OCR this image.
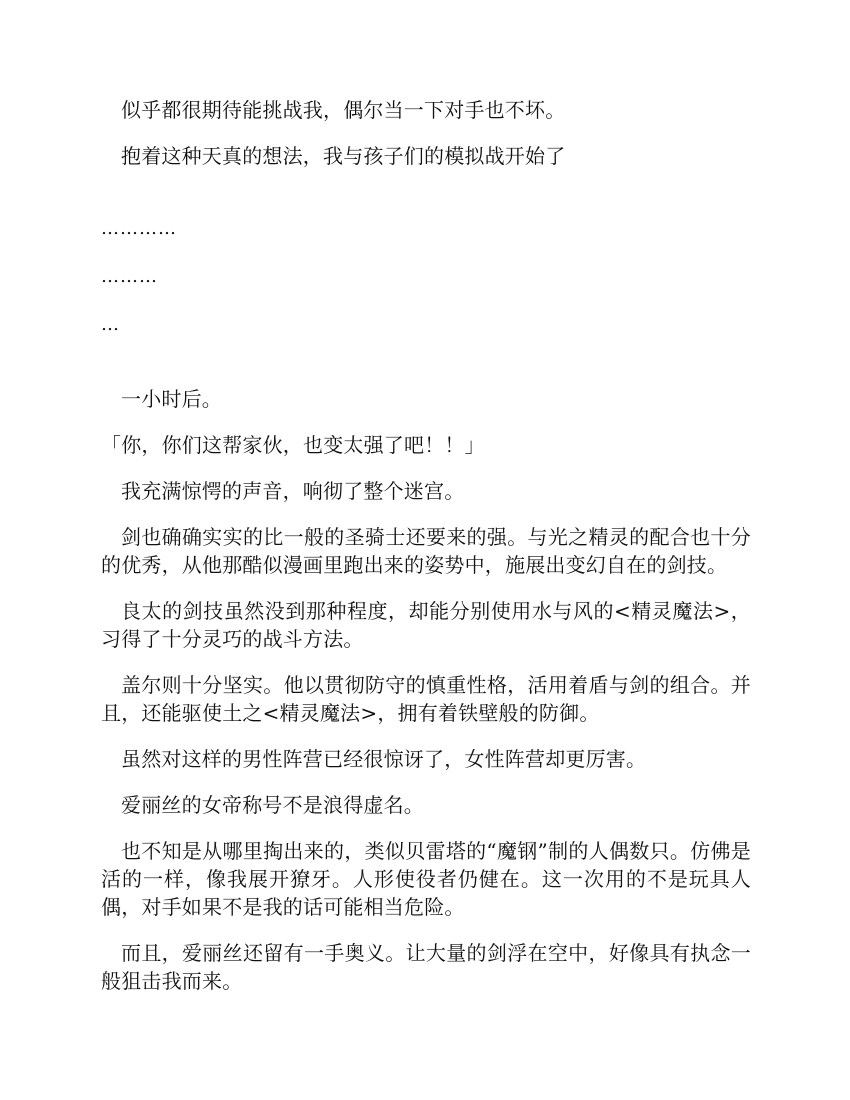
似乎都很期待能挑战我，偶尔当一下对手也不坏。

抱着这种天真的想法，我与孩子们的模拟战开始了

…………

………

…

一小时后。

「你，你们这帮家伙，也变太强了吧！！」

我充满惊愕的声音，响彻了整个迷宫。

剑也确确实实的比一般的圣骑士还要来的强。与光之精灵的配合也十分的优秀，从他那酷似漫画里跑出来的姿势中，施展出变幻自在的剑技。

良太的剑技虽然没到那种程度，却能分别使用水与风的<精灵魔法>，习得了十分灵巧的战斗方法。

盖尔则十分坚实。他以贯彻防守的慎重性格，活用着盾与剑的组合。并且，还能驱使土之<精灵魔法>，拥有着铁壁般的防御。

虽然对这样的男性阵营已经很惊讶了，女性阵营却更厉害。

爱丽丝的女帝称号不是浪得虚名。

也不知是从哪里掏出来的，类似贝雷塔的“魔钢”制的人偶数只。仿佛是活的一样，像我展开獠牙。人形使役者仍健在。这一次用的不是玩具人偶，对手如果不是我的话可能相当危险。

而且，爱丽丝还留有一手奥义。让大量的剑浮在空中，好像具有执念一般狙击我而来。
